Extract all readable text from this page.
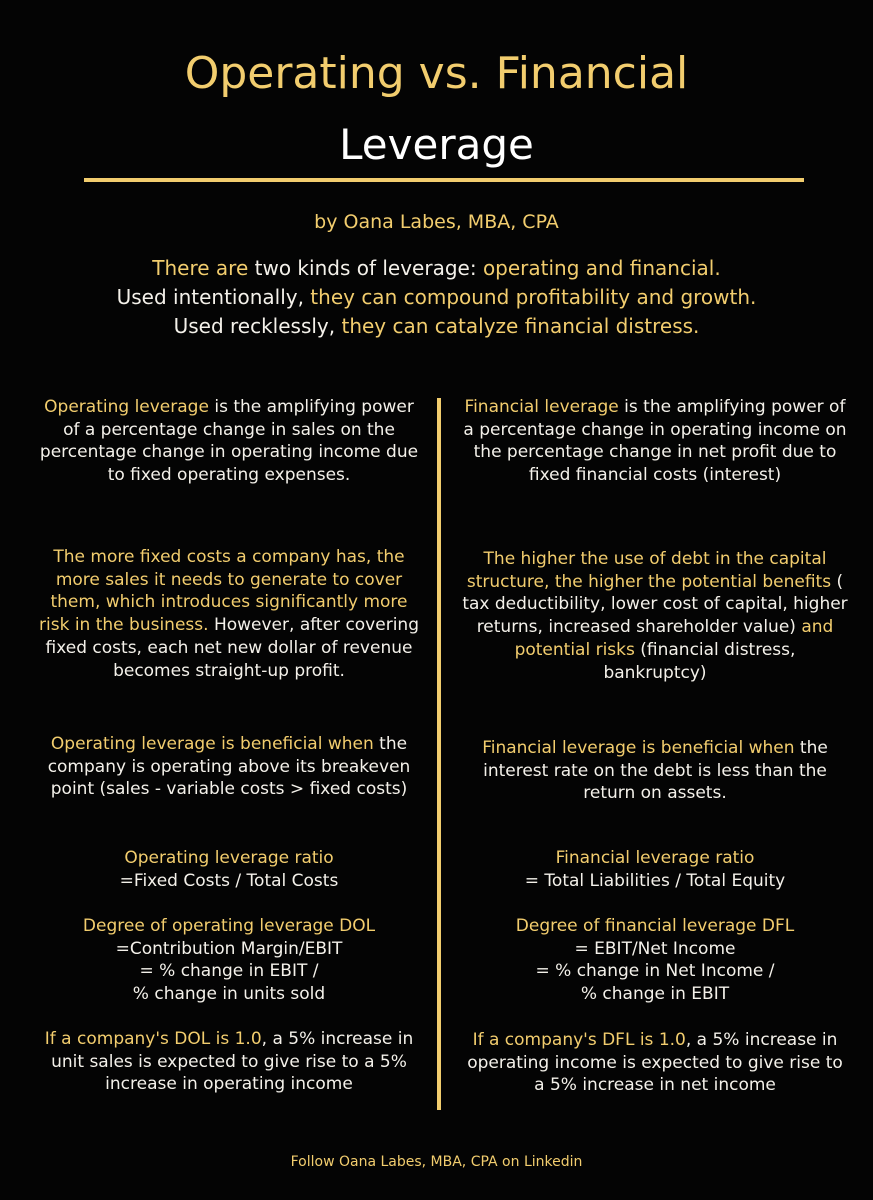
Operating vs. Financial
Leverage
by Oana Labes, MBA, CPA
There are two kinds of leverage: operating and financial.
Used intentionally, they can compound profitability and growth.
Used recklessly, they can catalyze financial distress.

Operating leverage is the amplifying power of a percentage change in sales on the percentage change in operating income due to fixed operating expenses.

The more fixed costs a company has, the more sales it needs to generate to cover them, which introduces significantly more risk in the business. However, after covering fixed costs, each net new dollar of revenue becomes straight-up profit.

Operating leverage is beneficial when the company is operating above its breakeven point (sales - variable costs > fixed costs)

Operating leverage ratio
=Fixed Costs / Total Costs

Degree of operating leverage DOL
=Contribution Margin/EBIT
= % change in EBIT /
% change in units sold

If a company's DOL is 1.0, a 5% increase in unit sales is expected to give rise to a 5% increase in operating income

Financial leverage is the amplifying power of a percentage change in operating income on the percentage change in net profit due to fixed financial costs (interest)

The higher the use of debt in the capital structure, the higher the potential benefits ( tax deductibility, lower cost of capital, higher returns, increased shareholder value) and potential risks (financial distress, bankruptcy)

Financial leverage is beneficial when the interest rate on the debt is less than the return on assets.

Financial leverage ratio
= Total Liabilities / Total Equity

Degree of financial leverage DFL
= EBIT/Net Income
= % change in Net Income /
% change in EBIT

If a company's DFL is 1.0, a 5% increase in operating income is expected to give rise to a 5% increase in net income

Follow Oana Labes, MBA, CPA on Linkedin
